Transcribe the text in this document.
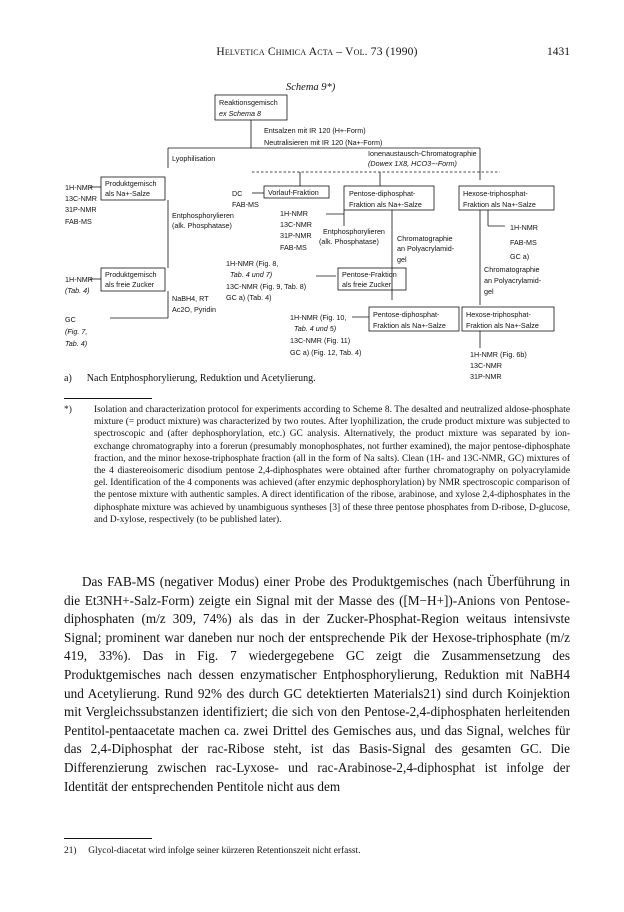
Helvetica Chimica Acta – Vol. 73 (1990)	1431
Schema 9*)
Reaktionsgemisch
ex Schema 8
Entsalzen mit IR 120 (H+-Form)
Neutralisieren mit IR 120 (Na+-Form)
Lyophilisation
Ionenaustausch-Chromatographie
(Dowex 1X8, HCO3−-Form)
Produktgemisch
als Na+-Salze
1H-NMR
13C-NMR
31P-NMR
FAB-MS
Entphosphorylieren
(alk. Phosphatase)
DC
FAB-MS
Vorlauf-Fraktion	Pentose-diphosphat-
Fraktion als Na+-Salze
Hexose-triphosphat-
Fraktion als Na+-Salze
1H-NMR
13C-NMR
31P-NMR
FAB-MS
Entphosphorylieren
(alk. Phosphatase)	Chromatographie
an Polyacrylamid-
gel
1H-NMR
FAB-MS
GC a)
Chromatographie
an Polyacrylamid-
gel
Produktgemisch
als freie Zucker
1H-NMR
(Tab. 4)
NaBH4, RT
Ac2O, Pyridin
GC
(Fig. 7,
Tab. 4)
1H-NMR (Fig. 8,
Tab. 4 und 7)
13C-NMR (Fig. 9, Tab. 8)
GC a) (Tab. 4)
Pentose-Fraktion
als freie Zucker
Pentose-diphosphat-
Fraktion als Na+-Salze
Hexose-triphosphat-
Fraktion als Na+-Salze
1H-NMR (Fig. 10,
Tab. 4 und 5)
13C-NMR (Fig. 11)
GC a) (Fig. 12, Tab. 4)	1H-NMR (Fig. 6b)
13C-NMR
31P-NMR
a) Nach Entphosphorylierung, Reduktion und Acetylierung.
*) Isolation and characterization protocol for experiments according to Scheme 8. The desalted and neutralized aldose-phosphate mixture (= product mixture) was characterized by two routes. After lyophilization, the crude product mixture was subjected to spectroscopic and (after dephosphorylation, etc.) GC analysis. Alternatively, the product mixture was separated by ion-exchange chromatography into a forerun (presumably monophosphates, not further examined), the major pentose-diphosphate fraction, and the minor hexose-triphosphate fraction (all in the form of Na salts). Clean (1H- and 13C-NMR, GC) mixtures of the 4 diastereoisomeric disodium pentose 2,4-diphosphates were obtained after further chromatography on polyacrylamide gel. Identification of the 4 components was achieved (after enzymic dephosphorylation) by NMR spectroscopic comparison of the pentose mixture with authentic samples. A direct identification of the ribose, arabinose, and xylose 2,4-diphosphates in the diphosphate mixture was achieved by unambiguous syntheses [3] of these three pentose phosphates from D-ribose, D-glucose, and D-xylose, respectively (to be published later).

Das FAB-MS (negativer Modus) einer Probe des Produktgemisches (nach Überführung in die Et3NH+-Salz-Form) zeigte ein Signal mit der Masse des ([M−H+])-Anions von Pentose-diphosphaten (m/z 309, 74%) als das in der Zucker-Phosphat-Region weitaus intensivste Signal; prominent war daneben nur noch der entsprechende Pik der Hexose-triphosphate (m/z 419, 33%). Das in Fig. 7 wiedergegebene GC zeigt die Zusammensetzung des Produktgemisches nach dessen enzymatischer Entphosphorylierung, Reduktion mit NaBH4 und Acetylierung. Rund 92% des durch GC detektierten Materials21) sind durch Koinjektion mit Vergleichssubstanzen identifiziert; die sich von den Pentose-2,4-diphosphaten herleitenden Pentitol-pentaacetate machen ca. zwei Drittel des Gemisches aus, und das Signal, welches für das 2,4-Diphosphat der rac-Ribose steht, ist das Basis-Signal des gesamten GC. Die Differenzierung zwischen rac-Lyxose- und rac-Arabinose-2,4-diphosphat ist infolge der Identität der entsprechenden Pentitole nicht aus dem

21) Glycol-diacetat wird infolge seiner kürzeren Retentionszeit nicht erfasst.
